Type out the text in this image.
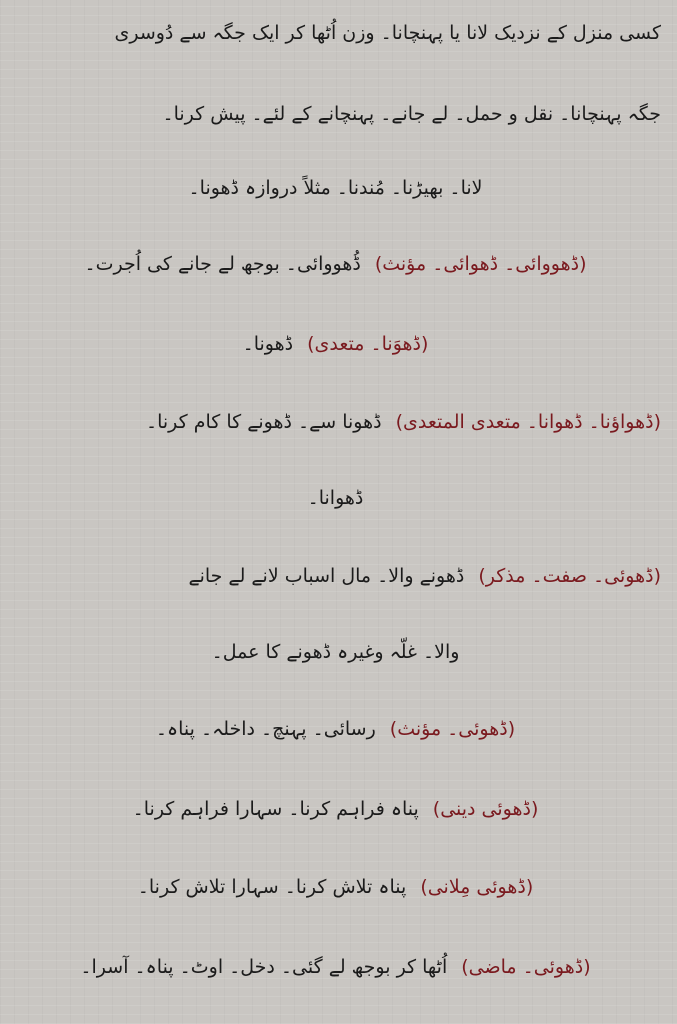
کسی منزل کے نزدیک لانا یا پہنچانا۔ وزن اُٹھا کر ایک جگہ سے دُوسری
جگہ پہنچانا۔ نقل و حمل۔ لے جانے۔ پہنچانے کے لئے۔ پیش کرنا۔
لانا۔ بھیڑنا۔ مُندنا۔ مثلاً دروازہ ڈھونا۔
(ڈھووائی۔ ڈھوائی۔ مؤنث)ڈُھووائی۔ بوجھ لے جانے کی اُجرت۔
(ڈھوَنا۔ متعدی)ڈھونا۔
(ڈھواؤنا۔ ڈھوانا۔ متعدی المتعدی)ڈھونا سے۔ ڈھونے کا کام کرنا۔
ڈھوانا۔
(ڈھوئی۔ صفت۔ مذکر)ڈھونے والا۔ مال اسباب لانے لے جانے
والا۔ غلّہ وغیرہ ڈھونے کا عمل۔
(ڈھوئی۔ مؤنث)رسائی۔ پہنچ۔ داخلہ۔ پناہ۔
(ڈھوئی دینی)پناہ فراہم کرنا۔ سہارا فراہم کرنا۔
(ڈھوئی مِلانی)پناہ تلاش کرنا۔ سہارا تلاش کرنا۔
(ڈھوئی۔ ماضی)اُٹھا کر بوجھ لے گئی۔ دخل۔ اوٹ۔ پناہ۔ آسرا۔
